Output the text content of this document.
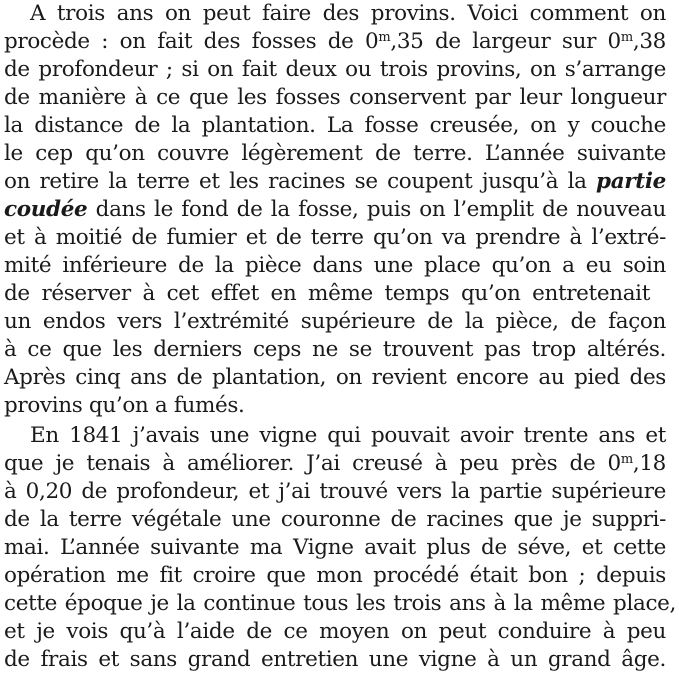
A trois ans on peut faire des provins. Voici comment on
procède : on fait des fosses de 0$^m$,35 de largeur sur 0$^m$,38
de profondeur ; si on fait deux ou trois provins, on s’arrange
de manière à ce que les fosses conservent par leur longueur
la distance de la plantation. La fosse creusée, on y couche
le cep qu’on couvre légèrement de terre. L’année suivante
on retire la terre et les racines se coupent jusqu’à la partie
coudée dans le fond de la fosse, puis on l’emplit de nouveau
et à moitié de fumier et de terre qu’on va prendre à l’extré-
mité inférieure de la pièce dans une place qu’on a eu soin
de réserver à cet effet en même temps qu’on entretenait
un endos vers l’extrémité supérieure de la pièce, de façon
à ce que les derniers ceps ne se trouvent pas trop altérés.
Après cinq ans de plantation, on revient encore au pied des
provins qu’on a fumés.
En 1841 j’avais une vigne qui pouvait avoir trente ans et
que je tenais à améliorer. J’ai creusé à peu près de 0$^m$,18
à 0,20 de profondeur, et j’ai trouvé vers la partie supérieure
de la terre végétale une couronne de racines que je suppri-
mai. L’année suivante ma Vigne avait plus de séve, et cette
opération me fit croire que mon procédé était bon ; depuis
cette époque je la continue tous les trois ans à la même place,
et je vois qu’à l’aide de ce moyen on peut conduire à peu
de frais et sans grand entretien une vigne à un grand âge.
